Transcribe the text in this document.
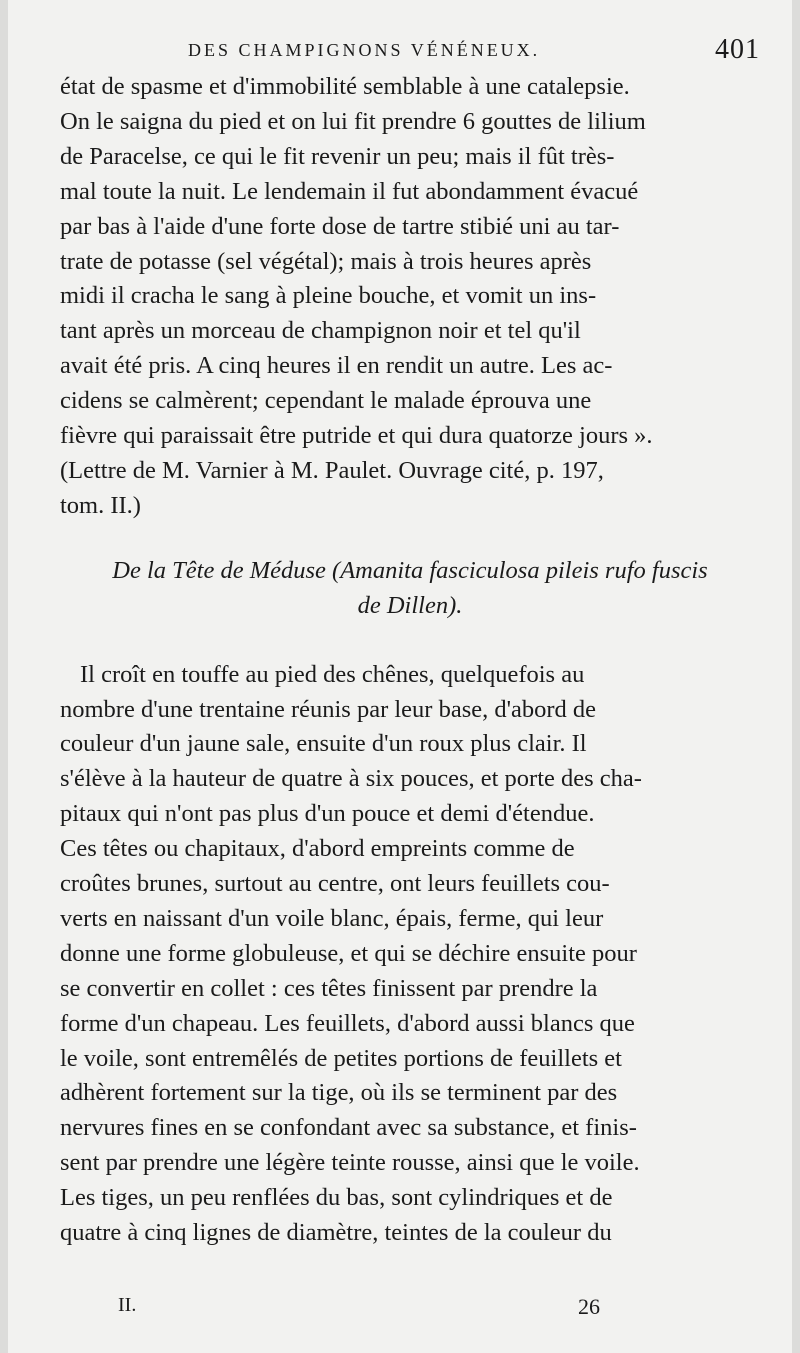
DES CHAMPIGNONS VÉNÉNEUX.	401
état de spasme et d'immobilité semblable à une catalepsie.
On le saigna du pied et on lui fit prendre 6 gouttes de lilium
de Paracelse, ce qui le fit revenir un peu; mais il fût très-
mal toute la nuit. Le lendemain il fut abondamment évacué
par bas à l'aide d'une forte dose de tartre stibié uni au tar-
trate de potasse (sel végétal); mais à trois heures après
midi il cracha le sang à pleine bouche, et vomit un ins-
tant après un morceau de champignon noir et tel qu'il
avait été pris. A cinq heures il en rendit un autre. Les ac-
cidens se calmèrent; cependant le malade éprouva une
fièvre qui paraissait être putride et qui dura quatorze jours ».
(Lettre de M. Varnier à M. Paulet. Ouvrage cité, p. 197,
tom. II.)
De la Tête de Méduse (Amanita fasciculosa pileis rufo fuscis
de Dillen).
Il croît en touffe au pied des chênes, quelquefois au
nombre d'une trentaine réunis par leur base, d'abord de
couleur d'un jaune sale, ensuite d'un roux plus clair. Il
s'élève à la hauteur de quatre à six pouces, et porte des cha-
pitaux qui n'ont pas plus d'un pouce et demi d'étendue.
Ces têtes ou chapitaux, d'abord empreints comme de
croûtes brunes, surtout au centre, ont leurs feuillets cou-
verts en naissant d'un voile blanc, épais, ferme, qui leur
donne une forme globuleuse, et qui se déchire ensuite pour
se convertir en collet : ces têtes finissent par prendre la
forme d'un chapeau. Les feuillets, d'abord aussi blancs que
le voile, sont entremêlés de petites portions de feuillets et
adhèrent fortement sur la tige, où ils se terminent par des
nervures fines en se confondant avec sa substance, et finis-
sent par prendre une légère teinte rousse, ainsi que le voile.
Les tiges, un peu renflées du bas, sont cylindriques et de
quatre à cinq lignes de diamètre, teintes de la couleur du
II.	26
